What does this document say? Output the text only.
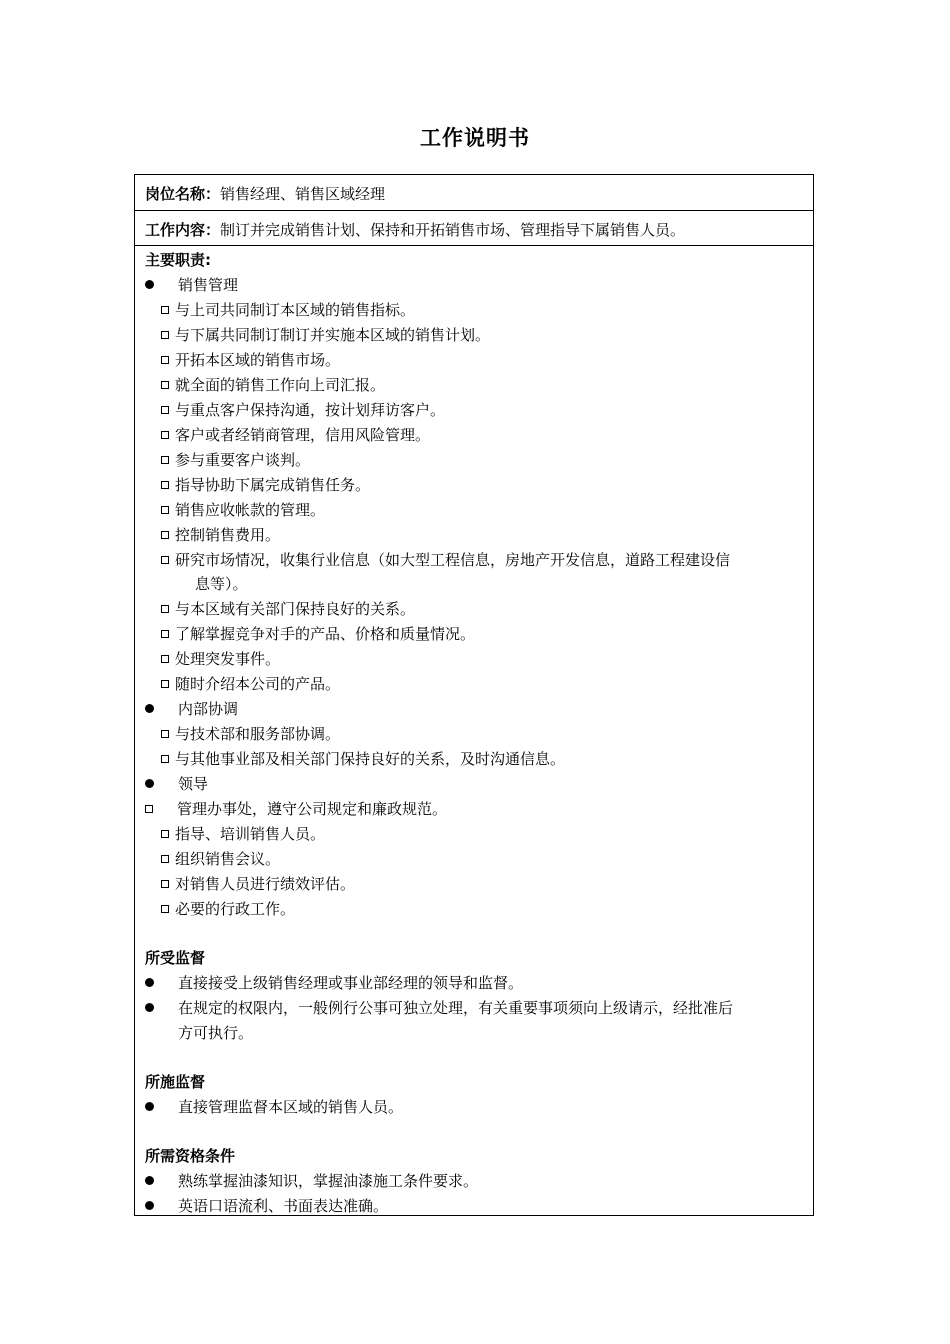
工作说明书
岗位名称：销售经理、销售区域经理
工作内容：制订并完成销售计划、保持和开拓销售市场、管理指导下属销售人员。
主要职责:
销售管理
与上司共同制订本区域的销售指标。
与下属共同制订制订并实施本区域的销售计划。
开拓本区域的销售市场。
就全面的销售工作向上司汇报。
与重点客户保持沟通，按计划拜访客户。
客户或者经销商管理，信用风险管理。
参与重要客户谈判。
指导协助下属完成销售任务。
销售应收帐款的管理。
控制销售费用。
研究市场情况，收集行业信息（如大型工程信息，房地产开发信息，道路工程建设信
息等）。
与本区域有关部门保持良好的关系。
了解掌握竞争对手的产品、价格和质量情况。
处理突发事件。
随时介绍本公司的产品。
内部协调
与技术部和服务部协调。
与其他事业部及相关部门保持良好的关系，及时沟通信息。
领导
管理办事处，遵守公司规定和廉政规范。
指导、培训销售人员。
组织销售会议。
对销售人员进行绩效评估。
必要的行政工作。
所受监督
直接接受上级销售经理或事业部经理的领导和监督。
在规定的权限内，一般例行公事可独立处理，有关重要事项须向上级请示，经批准后
方可执行。
所施监督
直接管理监督本区域的销售人员。
所需资格条件
熟练掌握油漆知识，掌握油漆施工条件要求。
英语口语流利、书面表达准确。
